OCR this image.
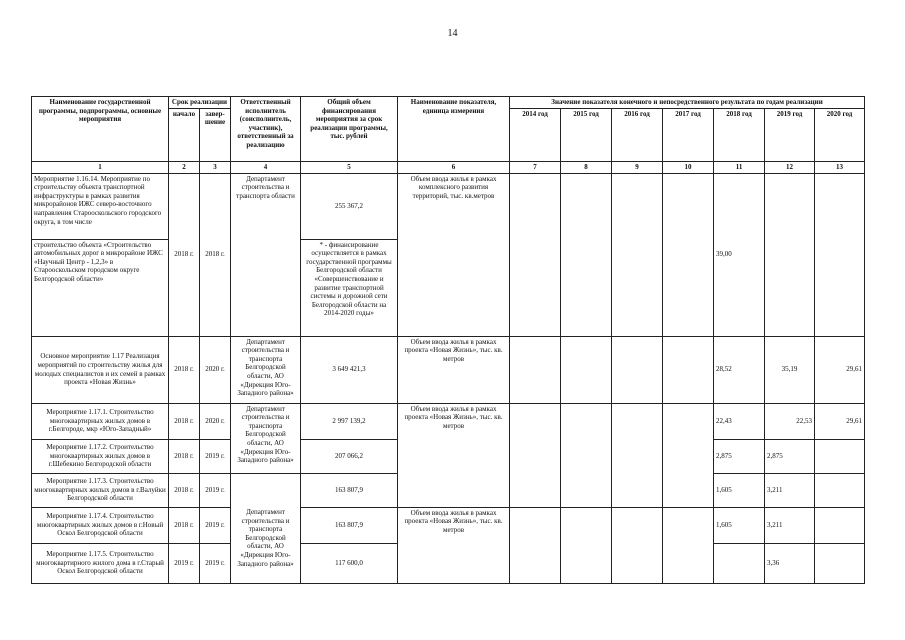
14
Наименование государственной программы, подпрограммы, основные мероприятия	Срок реализации		Ответственный исполнитель (соисполнитель, участник), ответственный за реализацию	Общий объем финансирования мероприятия за срок реализации программы, тыс. рублей	Наименование показателя, единица измерения	Значение показателя конечного и непосредственного результата по годам реализации						
	начало	завер-шение				2014 год	2015 год	2016 год	2017 год	2018 год	2019 год	2020 год
1	2	3	4	5	6	7	8	9	10	11	12	13
Мероприятие 1.16.14. Мероприятие по строительству объекта транспортной инфраструктуры в рамках развития микрорайонов ИЖС северо-восточного направления Старооскольского городского округа, в том числе	2018 г.	2018 г.	Департамент строительства и транспорта области	255 367,2	Объем ввода жилья в рамках комплексного развития территорий, тыс. кв.метров					39,00		
строительство объекта «Строительство автомобильных дорог в микрорайоне ИЖС «Научный Центр - 1,2,3» в Старооскольском городском округе Белгородской области»				* - финансирование осуществляется в рамках государственной программы Белгородской области «Совершенствование и развитие транспортной системы и дорожной сети Белгородской области на 2014-2020 годы»								
Основное мероприятие 1.17 Реализация мероприятий по строительству жилья для молодых специалистов и их семей в рамках проекта «Новая Жизнь»	2018 г.	2020 г.	Департамент строительства и транспорта Белгородской области, АО «Дирекция Юго-Западного района»	3 649 421,3	Объем ввода жилья в рамках проекта «Новая Жизнь», тыс. кв. метров					28,52	35,19	29,61
Мероприятие 1.17.1. Строительство многоквартирных жилых домов в г.Белгороде, мкр «Юго-Западный»	2018 г.	2020 г.	Департамент строительства и транспорта Белгородской области, АО «Дирекция Юго-Западного района»	2 997 139,2	Объем ввода жилья в рамках проекта «Новая Жизнь», тыс. кв. метров					22,43	22,53	29,61
Мероприятие 1.17.2. Строительство многоквартирных жилых домов в г.Шебекино Белгородской области	2018 г.	2019 г.		207 066,2						2,875	2,875	
Мероприятие 1.17.3. Строительство многоквартирных жилых домов в г.Валуйки Белгородской области	2018 г.	2019 г.		163 807,9						1,605	3,211	
Мероприятие 1.17.4. Строительство многоквартирных жилых домов в г.Новый Оскол Белгородской области	2018 г.	2019 г.	Департамент строительства и транспорта Белгородской области, АО «Дирекция Юго-Западного района»	163 807,9	Объем ввода жилья в рамках проекта «Новая Жизнь», тыс. кв. метров					1,605	3,211	
Мероприятие 1.17.5. Строительство многоквартирного жилого дома в г.Старый Оскол Белгородской области	2019 г.	2019 г.		117 600,0							3,36	
